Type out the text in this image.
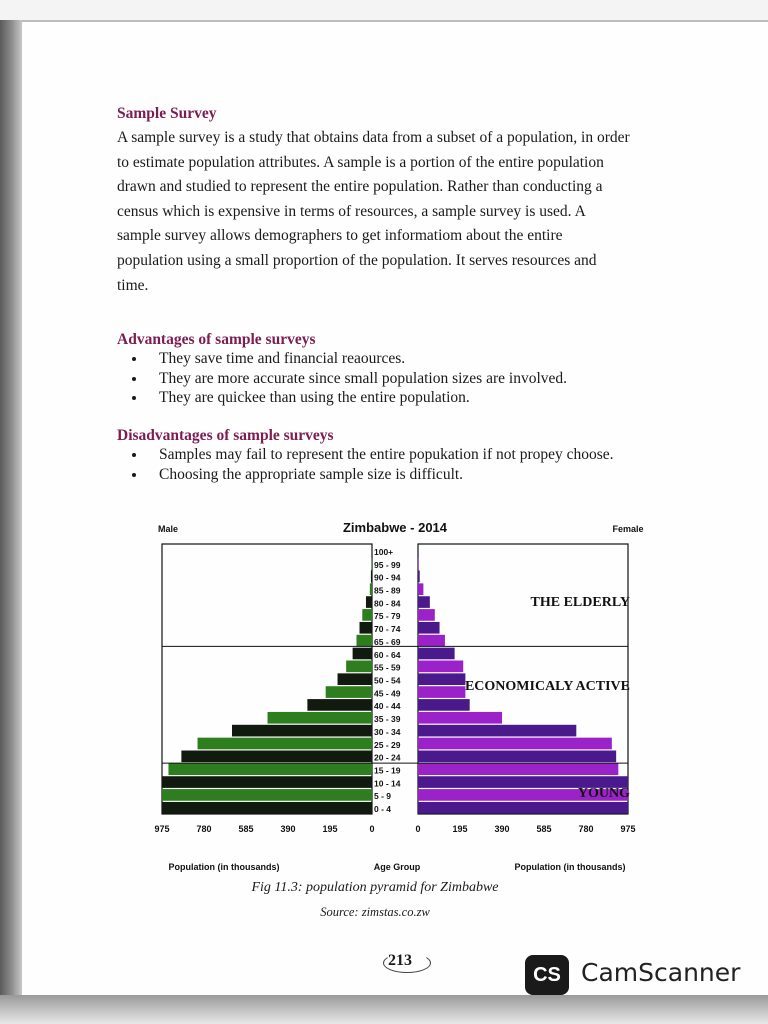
Sample Survey

A sample survey is a study that obtains data from a subset of a population, in order

to estimate population attributes. A sample is a portion of the entire population

drawn and studied to represent the entire population. Rather than conducting a

census which is expensive in terms of resources, a sample survey is used. A

sample survey allows demographers to get informatiom about the entire

population using a small proportion of the population. It serves resources and

time.

Advantages of sample surveys

• They save time and financial reaources.
• They are more accurate since small population sizes are involved.
• They are quickee than using the entire population.

Disadvantages of sample surveys

• Samples may fail to represent the entire popukation if not propey choose.
• Choosing the appropriate sample size is difficult.
Male	Zimbabwe - 2014	Female
100+
95 - 99
90 - 94
85 - 89
80 - 84
75 - 79
70 - 74
65 - 69
60 - 64
55 - 59
50 - 54
45 - 49
40 - 44
35 - 39
30 - 34
25 - 29
20 - 24
15 - 19
10 - 14
5 - 9
0 - 4
THE ELDERLY
ECONOMICALY ACTIVE
YOUNG
975	780	585	390	195	0	0	195	390	585	780	975
Population (in thousands)	Age Group	Population (in thousands)
Fig 11.3: population pyramid for Zimbabwe
Source: zimstas.co.zw
213
CS CamScanner
